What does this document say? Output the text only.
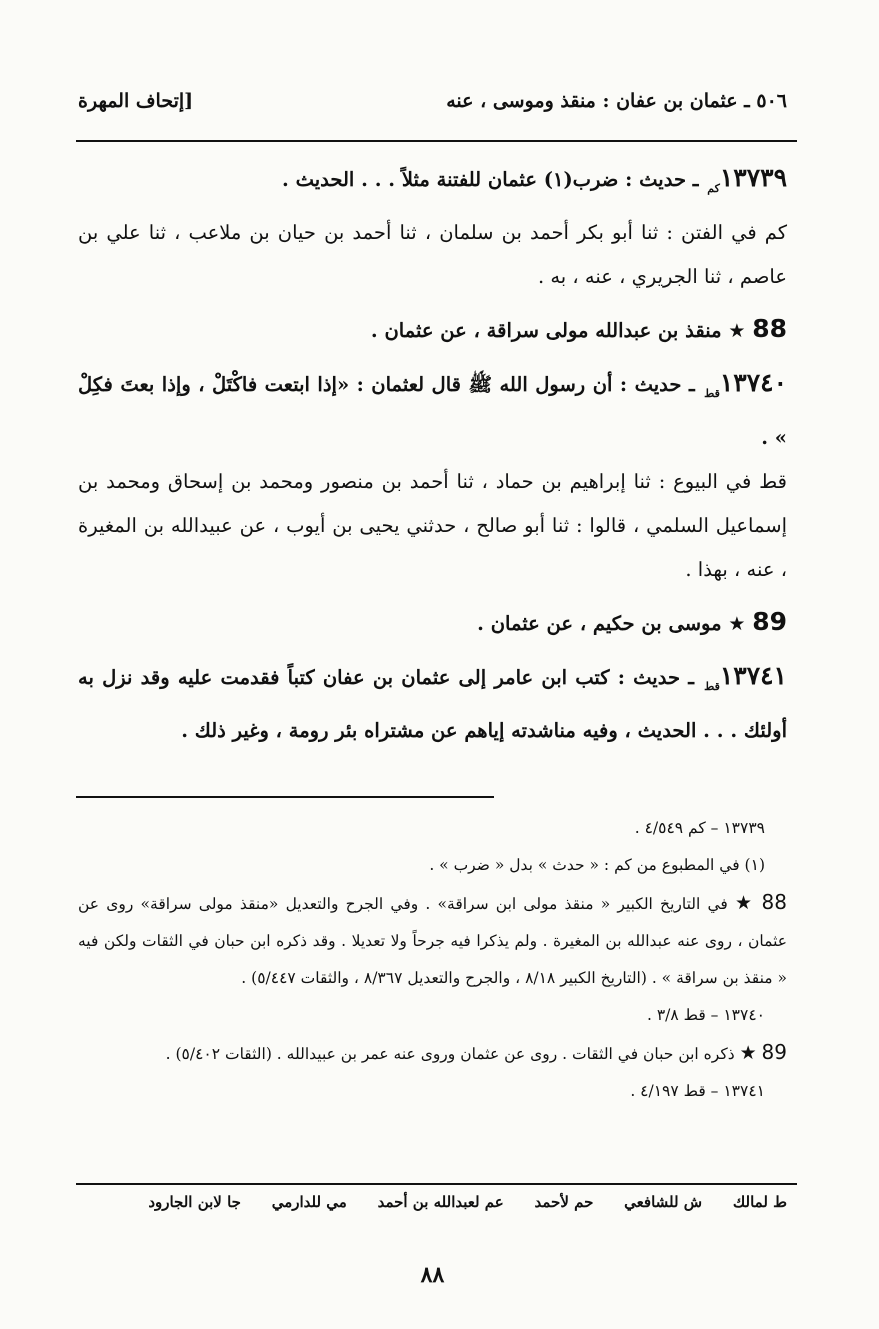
٥٠٦ ـ عثمان بن عفان : منقذ وموسى ، عنه
[إتحاف المهرة

$١٣٧٣٩_{كم}$ ـ حديث : ضرب(١) عثمان للفتنة مثلاً . . . الحديث .

كم في الفتن : ثنا أبو بكر أحمد بن سلمان ، ثنا أحمد بن حيان بن ملاعب ، ثنا علي بن عاصم ، ثنا الجريري ، عنه ، به .

88 ★ منقذ بن عبدالله مولى سراقة ، عن عثمان .

$١٣٧٤٠_{قط}$ ـ حديث : أن رسول الله ﷺ قال لعثمان : «إذا ابتعت فاكْتَلْ ، وإذا بعتَ فكِلْ » .

قط في البيوع : ثنا إبراهيم بن حماد ، ثنا أحمد بن منصور ومحمد بن إسحاق ومحمد بن إسماعيل السلمي ، قالوا : ثنا أبو صالح ، حدثني يحيى بن أيوب ، عن عبيدالله بن المغيرة ، عنه ، بهذا .

89 ★ موسى بن حكيم ، عن عثمان .

$١٣٧٤١_{قط}$ ـ حديث : كتب ابن عامر إلى عثمان بن عفان كتباً فقدمت عليه وقد نزل به أولئك . . . الحديث ، وفيه مناشدته إياهم عن مشتراه بئر رومة ، وغير ذلك .

١٣٧٣٩ – كم ٤/٥٤٩ .

(١) في المطبوع من كم : « حدث » بدل « ضرب » .

88 ★ في التاريخ الكبير « منقذ مولى ابن سراقة» . وفي الجرح والتعديل «منقذ مولى سراقة» روى عن عثمان ، روى عنه عبدالله بن المغيرة . ولم يذكرا فيه جرحاً ولا تعديلا . وقد ذكره ابن حبان في الثقات ولكن فيه « منقذ بن سراقة » . (التاريخ الكبير ٨/١٨ ، والجرح والتعديل ٨/٣٦٧ ، والثقات ٥/٤٤٧) .

١٣٧٤٠ – قط ٣/٨ .

89 ★ ذكره ابن حبان في الثقات . روى عن عثمان وروى عنه عمر بن عبيدالله . (الثقات ٥/٤٠٢) .

١٣٧٤١ – قط ٤/١٩٧ .

ط لمالك ش للشافعي حم لأحمد عم لعبدالله بن أحمد مي للدارمي جا لابن الجارود
٨٨
